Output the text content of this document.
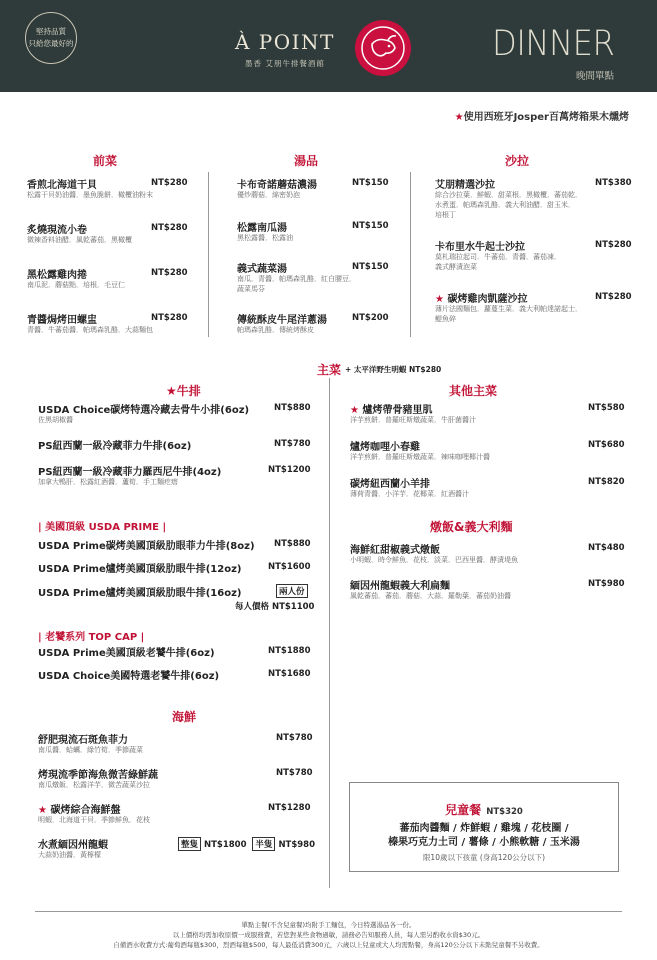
堅持品質
只給您最好的	À POINT
墨香 艾朋牛排餐酒館	DINNER
晚間單點
★使用西班牙Josper百萬烤箱果木燻烤
前菜	湯品	沙拉
香煎北海道干貝	NT$280
松露干貝奶油醬．墨魚脆餅．橄欖油粉末
炙燒現流小卷	NT$280
微辣香料油醋．風乾蕃茄．黑橄欖
黑松露雞肉捲	NT$280
南瓜泥．蘑菇點．培根．毛豆仁
青醬焗烤田螺盅	NT$280
青醬．牛蕃茄醬．帕瑪森乳酪．大蒜麵包
卡布奇諾蘑菇濃湯	NT$150
優炒蘑菇．綿密奶泡
松露南瓜湯	NT$150
黑松露醬．松露油
義式蔬菜湯	NT$150
南瓜．青醬．帕瑪森乳酪．紅白腰豆．
蔬菜馬芬
傳統酥皮牛尾洋蔥湯	NT$200
帕瑪森乳酪．傳統烤酥皮
艾朋精選沙拉	NT$380
綜合沙拉葉．鮮蝦．甜菜根．黑橄欖．蕃茄乾．
水煮蛋．帕瑪森乳酪．義大利油醋．甜玉米．
培根丁
卡布里水牛起士沙拉	NT$280
莫札瑞拉起司．牛蕃茄．青醬．蕃茄凍．
義式酵漬泡菜
★ 碳烤雞肉凱薩沙拉	NT$280
薄片法國麵包．蘿蔓生菜．義大利帕達諾起士．
鯷魚碎
主菜 + 太平洋野生明蝦 NT$280
★牛排
USDA Choice碳烤特選冷藏去骨牛小排(6oz)	NT$880
佐黑胡椒醬
PS紐西蘭一級冷藏菲力牛排(6oz)	NT$780
PS紐西蘭一級冷藏菲力羅西尼牛排(4oz)	NT$1200
加拿大鴨肝．松露紅酒醬．蘆筍．手工麵疙瘩
| 美國頂級 USDA PRIME |
USDA Prime碳烤美國頂級肋眼菲力牛排(8oz) NT$880
USDA Prime爐烤美國頂級肋眼牛排(12oz)	NT$1600
USDA Prime爐烤美國頂級肋眼牛排(16oz)	兩人份
每人價格 NT$1100
| 老饕系列 TOP CAP |
USDA Prime美國頂級老饕牛排(6oz)	NT$1880
USDA Choice美國特選老饕牛排(6oz)	NT$1680
海鮮
舒肥現流石斑魚菲力	NT$780
南瓜醬．蛤蠣．綠竹筍．季節蔬菜
烤現流季節海魚微苦綠鮮蔬	NT$780
南瓜燉飯．松露洋芋．微苦蔬菜沙拉
★ 碳烤綜合海鮮盤	NT$1280
明蝦．北海道干貝．季節鮮魚．花枝
水煮緬因州龍蝦	整隻 NT$1800 半隻 NT$980
大蒜奶油醬．黃檸檬
其他主菜
★ 爐烤帶骨豬里肌	NT$580
洋芋煎餅．普羅旺斯燉蔬菜．牛肝菌醬汁
爐烤咖哩小春雞	NT$680
洋芋煎餅．普羅旺斯燉蔬菜．辣味咖哩椰汁醬
碳烤紐西蘭小羊排	NT$820
薄荷青醬．小洋芋．花椰菜．紅酒醬汁
燉飯&義大利麵
海鮮紅甜椒義式燉飯	NT$480
小明蝦．時令鮮魚．花枝．淡菜．巴西里醬．酵漬堤魚
緬因州龍蝦義大利扁麵	NT$980
風乾蕃茄．蕃茄．蘑菇．大蒜．羅勒葉．蕃茄奶油醬
兒童餐 NT$320
蕃茄肉醬麵 / 炸鮮蝦 / 雞塊 / 花枝圈 /
榛果巧克力土司 / 薯條 / 小熊軟糖 / 玉米湯
限10歲以下孩童 (身高120公分以下)
單點主餐(不含兒童餐)均附手工麵包，今日特選湯品各一份。
以上價格均需加收原價一成服務費，若您對某些食物過敏，請務必告知服務人員，每人需另酌收水資$30元。
自備酒水收費方式:葡萄酒每瓶$300，烈酒每瓶$500，每人最低消費300元，六歲以上兒童或大人均需點餐，身高120公分以下未點兒童餐不另收費。
